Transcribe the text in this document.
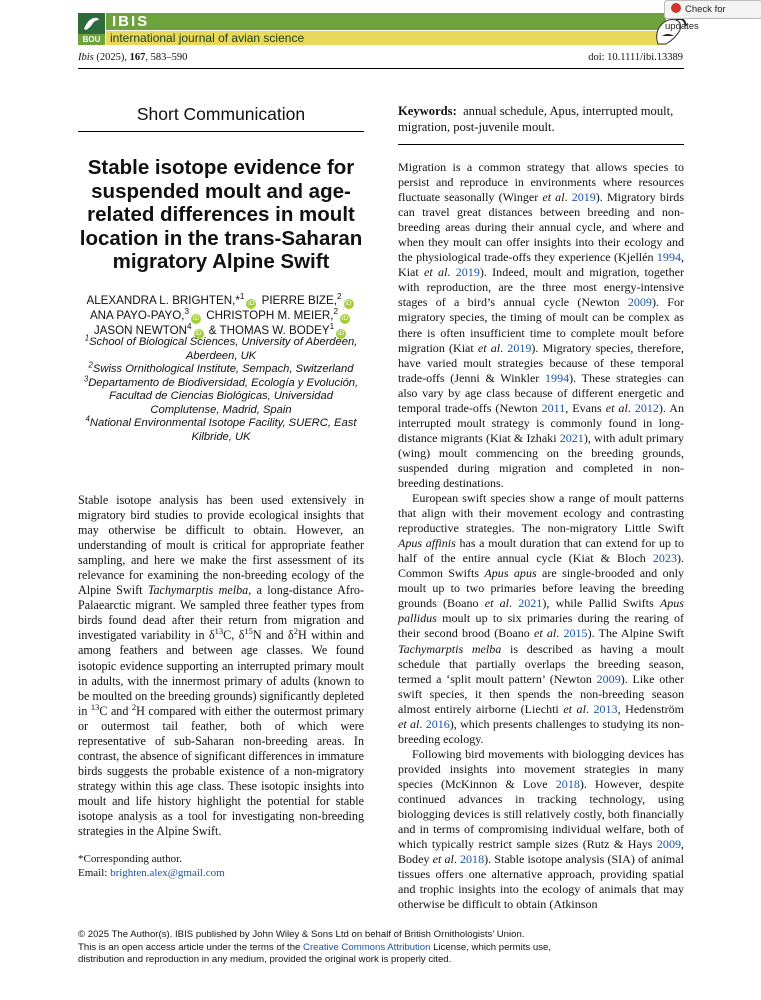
BOU
IBIS
international journal of avian science
Check for updates
Ibis (2025), 167, 583–590	doi: 10.1111/ibi.13389
Short Communication
Stable isotope evidence for suspended moult and age-related differences in moult location in the trans-Saharan migratory Alpine Swift
ALEXANDRA L. BRIGHTEN,*$^1$iD PIERRE BIZE,$^2$iD
ANA PAYO-PAYO,$^3$iD CHRISTOPH M. MEIER,$^2$iD
JASON NEWTON$^4$iD & THOMAS W. BODEY$^1$iD
$^1$School of Biological Sciences, University of Aberdeen, Aberdeen, UK
$^2$Swiss Ornithological Institute, Sempach, Switzerland
$^3$Departamento de Biodiversidad, Ecología y Evolución, Facultad de Ciencias Biológicas, Universidad Complutense, Madrid, Spain
$^4$National Environmental Isotope Facility, SUERC, East Kilbride, UK
Stable isotope analysis has been used extensively in migratory bird studies to provide ecological insights that may otherwise be difficult to obtain. However, an understanding of moult is critical for appropriate feather sampling, and here we make the first assessment of its relevance for examining the non-breeding ecology of the Alpine Swift Tachymarptis melba, a long-distance Afro-Palaearctic migrant. We sampled three feather types from birds found dead after their return from migration and investigated variability in $\delta^{13}C$, $\delta^{15}N$ and $\delta^2H$ within and among feathers and between age classes. We found isotopic evidence supporting an interrupted primary moult in adults, with the innermost primary of adults (known to be moulted on the breeding grounds) significantly depleted in $^{13}$C and $^2$H compared with either the outermost primary or outermost tail feather, both of which were representative of sub-Saharan non-breeding areas. In contrast, the absence of significant differences in immature birds suggests the probable existence of a non-migratory strategy within this age class. These isotopic insights into moult and life history highlight the potential for stable isotope analysis as a tool for investigating non-breeding strategies in the Alpine Swift.
*Corresponding author.
Email: brighten.alex@gmail.com
Keywords: annual schedule, Apus, interrupted moult, migration, post-juvenile moult.

Migration is a common strategy that allows species to persist and reproduce in environments where resources fluctuate seasonally (Winger et al. 2019). Migratory birds can travel great distances between breeding and non-breeding areas during their annual cycle, and where and when they moult can offer insights into their ecology and the physiological trade-offs they experience (Kjellén 1994, Kiat et al. 2019). Indeed, moult and migration, together with reproduction, are the three most energy-intensive stages of a bird’s annual cycle (Newton 2009). For migratory species, the timing of moult can be complex as there is often insufficient time to complete moult before migration (Kiat et al. 2019). Migratory species, therefore, have varied moult strategies because of these temporal trade-offs (Jenni & Winkler 1994). These strategies can also vary by age class because of different energetic and temporal trade-offs (Newton 2011, Evans et al. 2012). An interrupted moult strategy is commonly found in long-distance migrants (Kiat & Izhaki 2021), with adult primary (wing) moult commencing on the breeding grounds, suspended during migration and completed in non-breeding destinations.

European swift species show a range of moult patterns that align with their movement ecology and contrasting reproductive strategies. The non-migratory Little Swift Apus affinis has a moult duration that can extend for up to half of the entire annual cycle (Kiat & Bloch 2023). Common Swifts Apus apus are single-brooded and only moult up to two primaries before leaving the breeding grounds (Boano et al. 2021), while Pallid Swifts Apus pallidus moult up to six primaries during the rearing of their second brood (Boano et al. 2015). The Alpine Swift Tachymarptis melba is described as having a moult schedule that partially overlaps the breeding season, termed a ‘split moult pattern’ (Newton 2009). Like other swift species, it then spends the non-breeding season almost entirely airborne (Liechti et al. 2013, Hedenström et al. 2016), which presents challenges to studying its non-breeding ecology.

Following bird movements with biologging devices has provided insights into movement strategies in many species (McKinnon & Love 2018). However, despite continued advances in tracking technology, using biologging devices is still relatively costly, both financially and in terms of compromising individual welfare, both of which typically restrict sample sizes (Rutz & Hays 2009, Bodey et al. 2018). Stable isotope analysis (SIA) of animal tissues offers one alternative approach, providing spatial and trophic insights into the ecology of animals that may otherwise be difficult to obtain (Atkinson

© 2025 The Author(s). IBIS published by John Wiley & Sons Ltd on behalf of British Ornithologists’ Union.
This is an open access article under the terms of the Creative Commons Attribution License, which permits use,
distribution and reproduction in any medium, provided the original work is properly cited.
